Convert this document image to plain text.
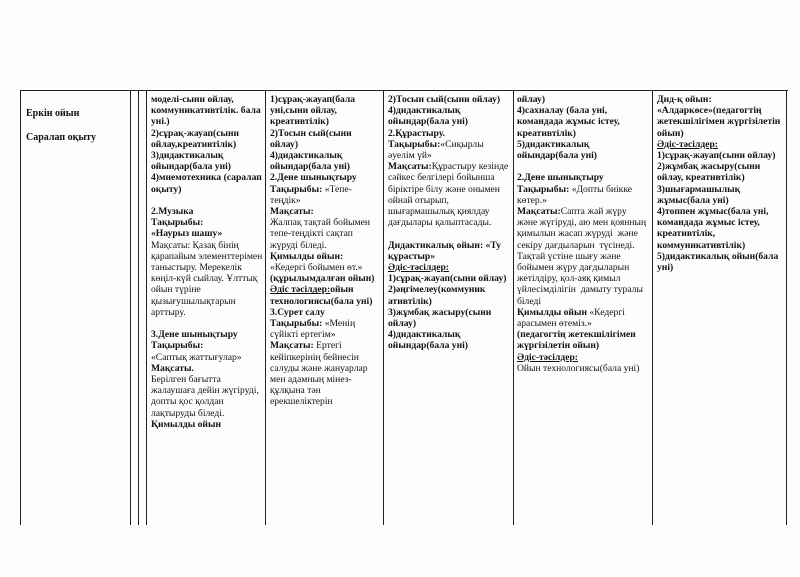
Еркін ойын
Саралап оқыту
моделі-сыни ойлау, коммуникативтілік. бала уні.)
2)сұрақ-жауап(сыни ойлау,креативтілік)
3)дидактикалық ойындар(бала уні)
4)мнемотехника (саралап оқыту)

2.Музыка
Тақырыбы:
«Наурыз шашу»
Мақсаты: Қазақ бінің қарапайым элементтерімен таныстыру. Мерекелік көңіл-күй сыйлау. Ұлттық ойын түріне қызығушылықтарын арттыру.

3.Дене шынықтыру
Тақырыбы:
«Саптық жаттығулар»
Мақсаты.
Берілген бағытта жалаушаға дейін жүгіруді, допты қос қолдан лақтыруды біледі.
Қимылды ойын
1)сұрақ-жауап(бала уні,сыни ойлау, креативтілік)
2)Тосын сый(сыни ойлау)
4)дидактикалық ойындар(бала уні)
2.Дене шынықтыру
Тақырыбы: «Тепе-теңдік»
Мақсаты:
Жалпақ тақтай бойымен тепе-теңдікті сақтап жүруді біледі.
Қимылды ойын:
«Кедергі бойымен өт.»
(құрылымдалған ойын)
Әдіс тәсілдер:ойын технологиясы(бала уні)
3.Сурет салу
Тақырыбы: «Менің сүйікті ертегім»
Мақсаты: Ертегі кейіпкерінің бейнесін салуды және жануарлар мен адамның мінез-құлқына тән ерекшеліктерін
2)Тосын сый(сыни ойлау)
4)дидактикалық ойындар(бала уні)
2.Құрастыру.
Тақырыбы:«Сиқырлы әуелім үй»
Мақсаты:Құрастыру кезінде сәйкес белгілері бойынша біріктіре білу және онымен ойнай отырып, шығармашылық қиялдау дағдылары қалыптасады.

Дидактикалық ойын: «Ту құрастыр»
Әдіс-тәсілдер:
1)сұрақ-жауап(сыни ойлау)
2)әңгімелеу(коммуник ативтілік)
3)жұмбақ жасыру(сыни ойлау)
4)дидактикалық ойындар(бала уні)
ойлау)
4)сахналау (бала уні, командада жұмыс істеу, креативтілік)
5)дидактикалық ойындар(бала уні)

2.Дене шынықтыру
Тақырыбы: «Допты биікке көтер.»
Мақсаты:Сапта жай жүру және жүгіруді, аю мен қоянның қимылын жасап жүруді  және секіру дағдыларын  түсінеді.
Тақтай үстіне шығу және бойымен жүру дағдыларын жетілдіру, қол-аяқ қимыл үйлесімділігін  дамыту туралы біледі
Қимылды ойын «Кедергі арасымен өтеміз.»
(педагогтің жетекшілігімен жүргізілетін ойын)
Әдіс-тәсілдер:
Ойын технологиясы(бала уні)
Дид-қ ойын:
«Алдаркөсе»(педагогтің жетекшілігімен жүргізілетін ойын)
Әдіс-тәсілдер:
1)сұрақ-жауап(сыни ойлау)
2)жұмбақ жасыру(сыни ойлау, креативтілік)
3)шығармашылық жұмыс(бала уні)
4)топпен жұмыс(бала уні, командада жұмыс істеу, креативтілік, коммуникативтілік)
5)дидактикалық ойын(бала уні)
